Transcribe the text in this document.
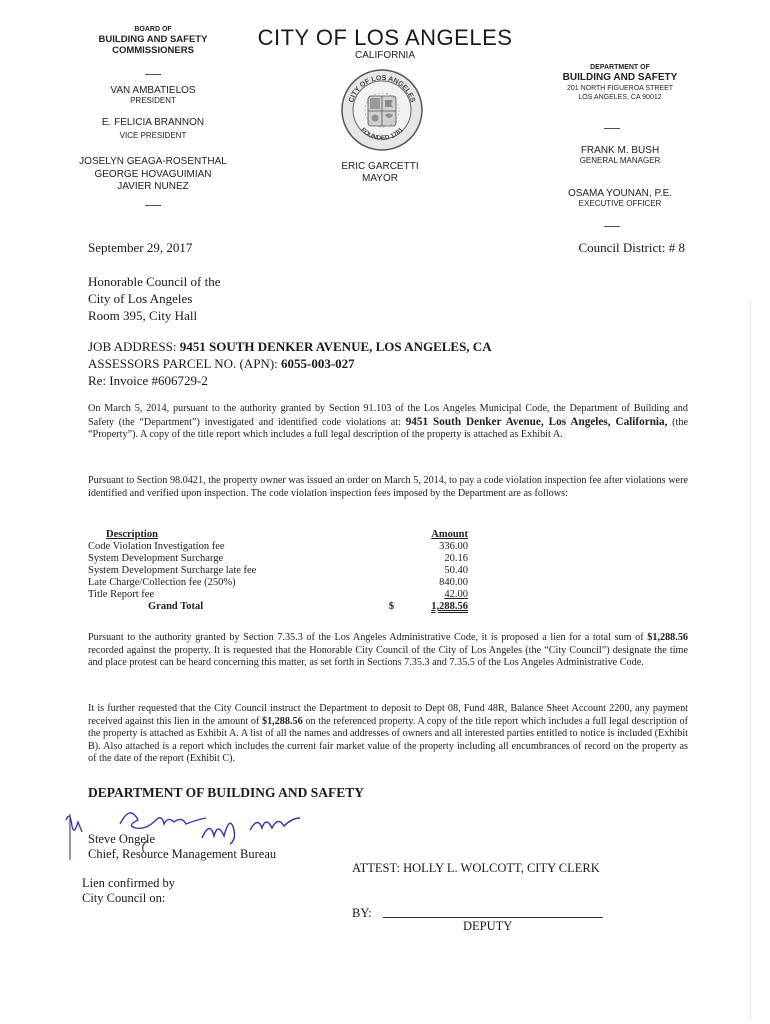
BOARD OF
BUILDING AND SAFETY
COMMISSIONERS
CITY OF LOS ANGELES
CALIFORNIA
VAN AMBATIELOS
PRESIDENT
E. FELICIA BRANNON
VICE PRESIDENT
JOSELYN GEAGA-ROSENTHAL
GEORGE HOVAGUIMIAN
JAVIER NUNEZ
CITY OF LOS ANGELES
FOUNDED 1781
ERIC GARCETTI
MAYOR
DEPARTMENT OF
BUILDING AND SAFETY
201 NORTH FIGUEROA STREET
LOS ANGELES, CA 90012
FRANK M. BUSH
GENERAL MANAGER
OSAMA YOUNAN, P.E.
EXECUTIVE OFFICER
September 29, 2017	Council District: # 8
Honorable Council of the
City of Los Angeles
Room 395, City Hall
JOB ADDRESS: 9451 SOUTH DENKER AVENUE, LOS ANGELES, CA
ASSESSORS PARCEL NO. (APN): 6055-003-027
Re: Invoice #606729-2
On March 5, 2014, pursuant to the authority granted by Section 91.103 of the Los Angeles Municipal Code, the Department of Building and Safety (the “Department”) investigated and identified code violations at: 9451 South Denker Avenue, Los Angeles, California, (the “Property”). A copy of the title report which includes a full legal description of the property is attached as Exhibit A.
Pursuant to Section 98.0421, the property owner was issued an order on March 5, 2014, to pay a code violation inspection fee after violations were identified and verified upon inspection. The code violation inspection fees imposed by the Department are as follows:
Description	Amount
Code Violation Investigation fee	336.00
System Development Surcharge	20.16
System Development Surcharge late fee	50.40
Late Charge/Collection fee (250%)	840.00
Title Report fee	42.00
Grand Total	$ 1,288.56
Pursuant to the authority granted by Section 7.35.3 of the Los Angeles Administrative Code, it is proposed a lien for a total sum of $1,288.56 recorded against the property. It is requested that the Honorable City Council of the City of Los Angeles (the “City Council”) designate the time and place protest can be heard concerning this matter, as set forth in Sections 7.35.3 and 7.35.5 of the Los Angeles Administrative Code.
It is further requested that the City Council instruct the Department to deposit to Dept 08, Fund 48R, Balance Sheet Account 2200, any payment received against this lien in the amount of $1,288.56 on the referenced property. A copy of the title report which includes a full legal description of the property is attached as Exhibit A. A list of all the names and addresses of owners and all interested parties entitled to notice is included (Exhibit B). Also attached is a report which includes the current fair market value of the property including all encumbrances of record on the property as of the date of the report (Exhibit C).
DEPARTMENT OF BUILDING AND SAFETY
Steve Ongele
Chief, Resource Management Bureau
ATTEST: HOLLY L. WOLCOTT, CITY CLERK
Lien confirmed by
City Council on:
BY:
DEPUTY
